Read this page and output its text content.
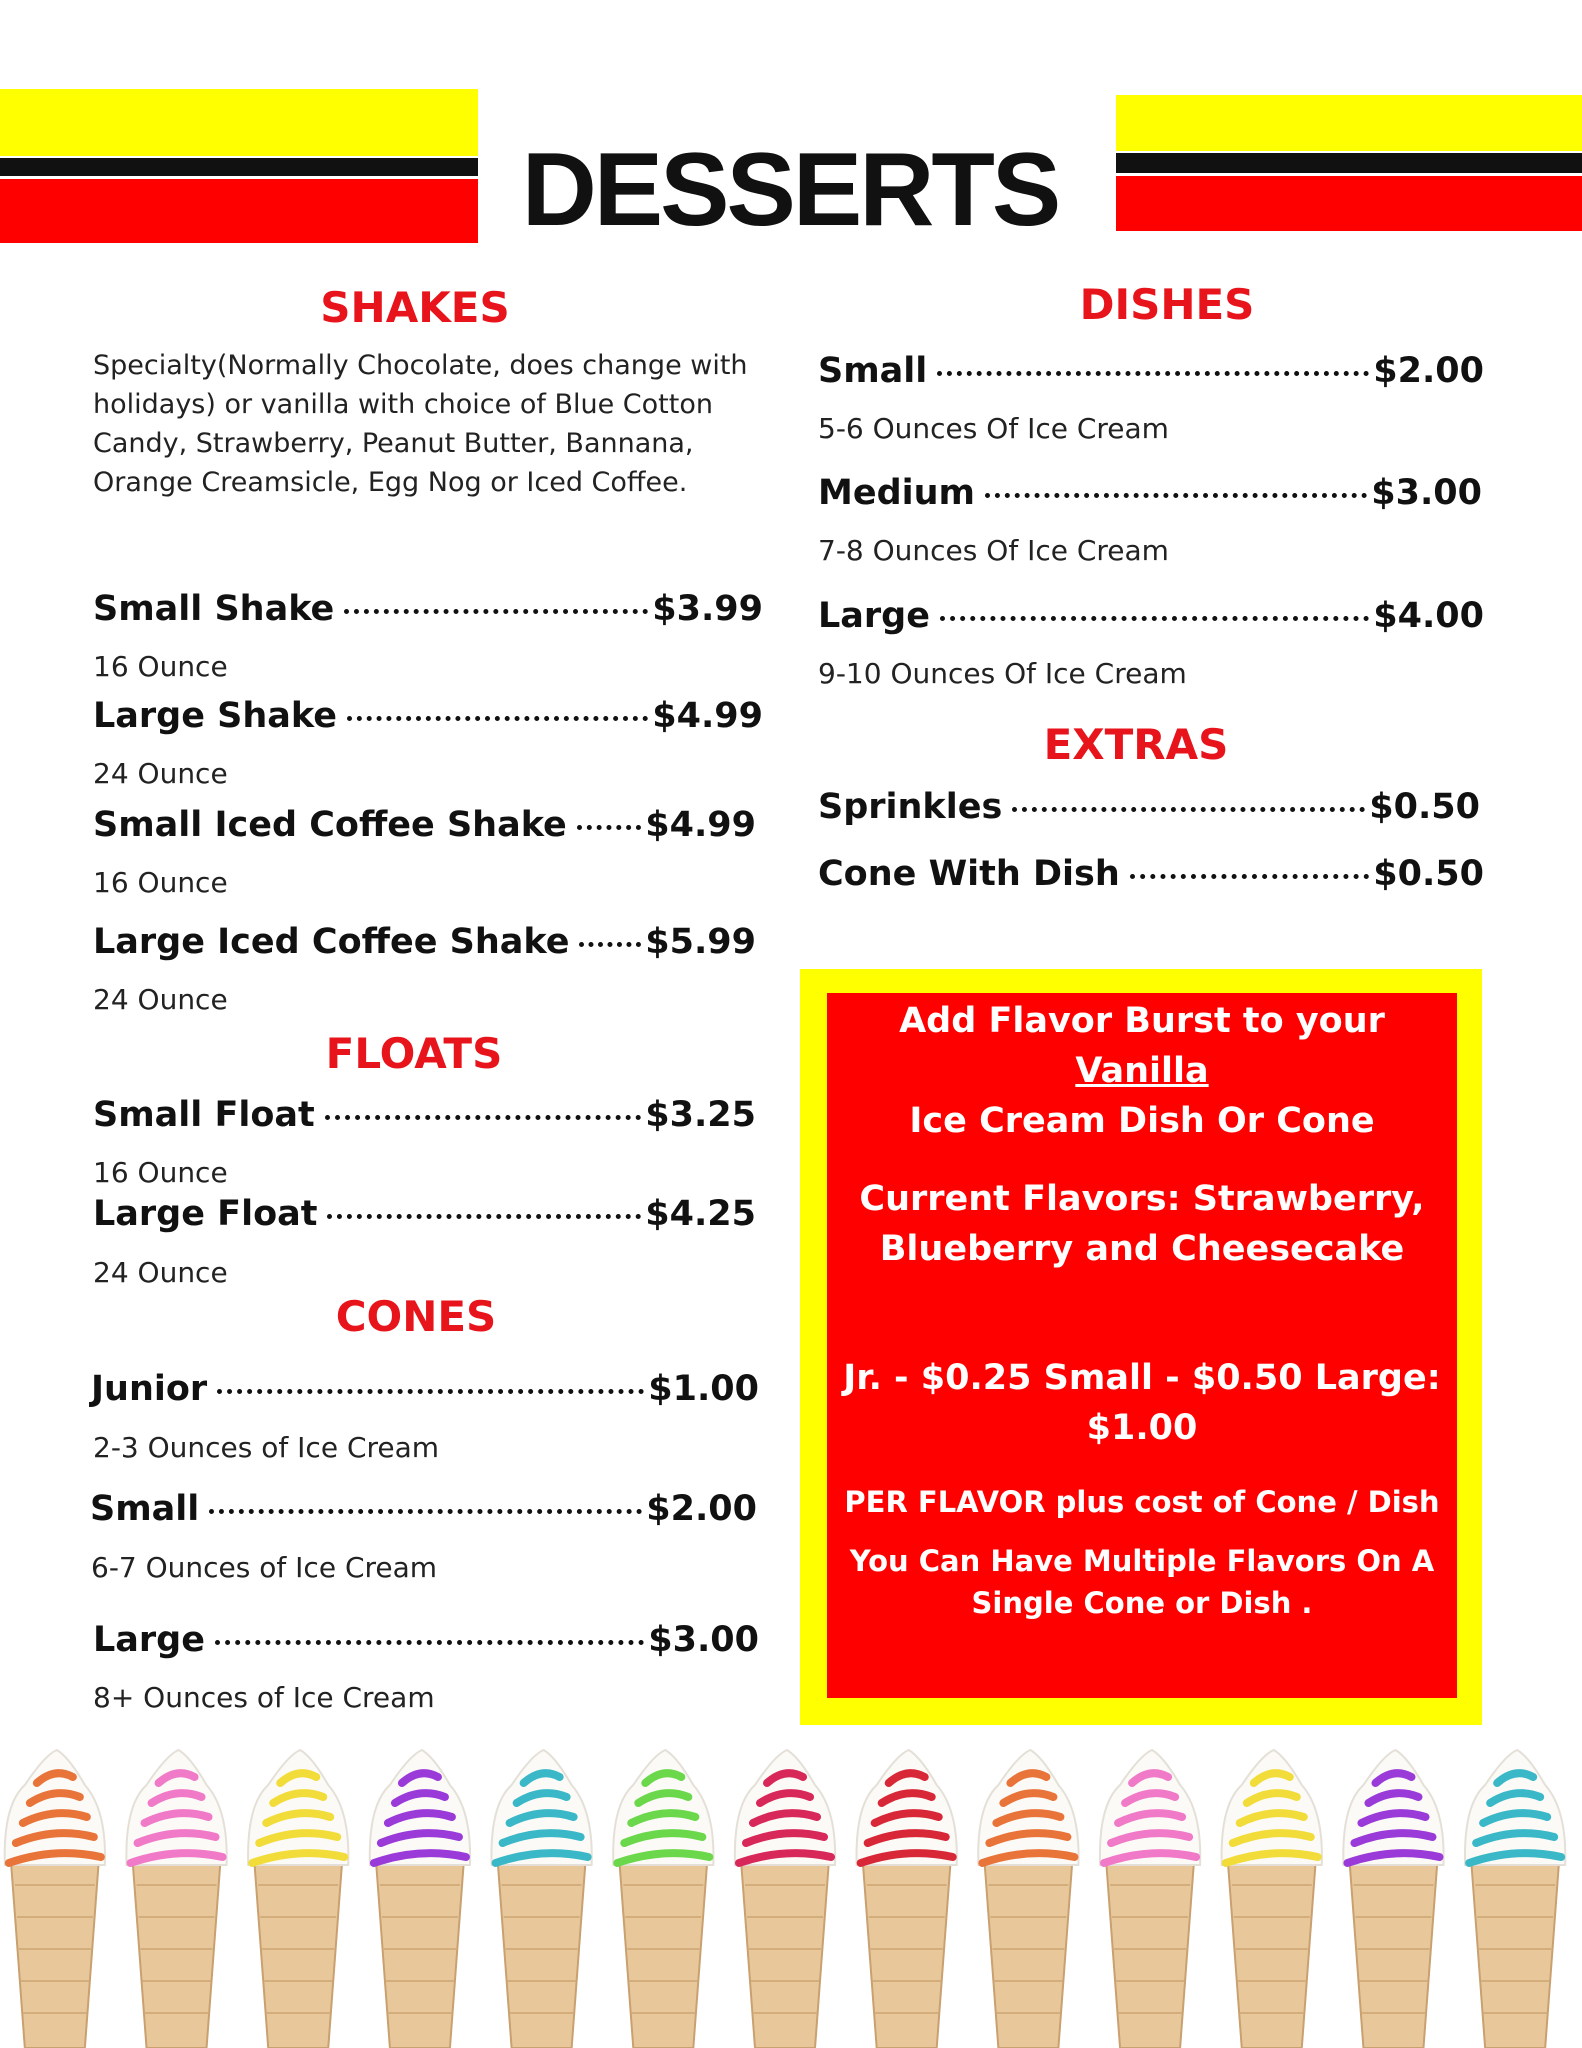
DESSERTS
SHAKES
Specialty(Normally Chocolate, does change with holidays) or vanilla with choice of Blue Cotton Candy, Strawberry, Peanut Butter, Bannana, Orange Creamsicle, Egg Nog or Iced Coffee.
Small Shake	$3.99
16 Ounce
Large Shake	$4.99
24 Ounce
Small Iced Coffee Shake $4.99
16 Ounce
Large Iced Coffee Shake $5.99
24 Ounce
FLOATS
Small Float	$3.25
16 Ounce
Large Float	$4.25
24 Ounce
CONES
Junior	$1.00
2-3 Ounces of Ice Cream
Small	$2.00
6-7 Ounces of Ice Cream
Large	$3.00
8+ Ounces of Ice Cream
DISHES
Small	$2.00
5-6 Ounces Of Ice Cream
Medium	$3.00
7-8 Ounces Of Ice Cream
Large	$4.00
9-10 Ounces Of Ice Cream
EXTRAS
Sprinkles	$0.50
Cone With Dish	$0.50
Add Flavor Burst to your Vanilla
Ice Cream Dish Or Cone
Current Flavors: Strawberry,
Blueberry and Cheesecake
Jr. - $0.25 Small - $0.50 Large: $1.00
PER FLAVOR plus cost of Cone / Dish
You Can Have Multiple Flavors On A
Single Cone or Dish .
